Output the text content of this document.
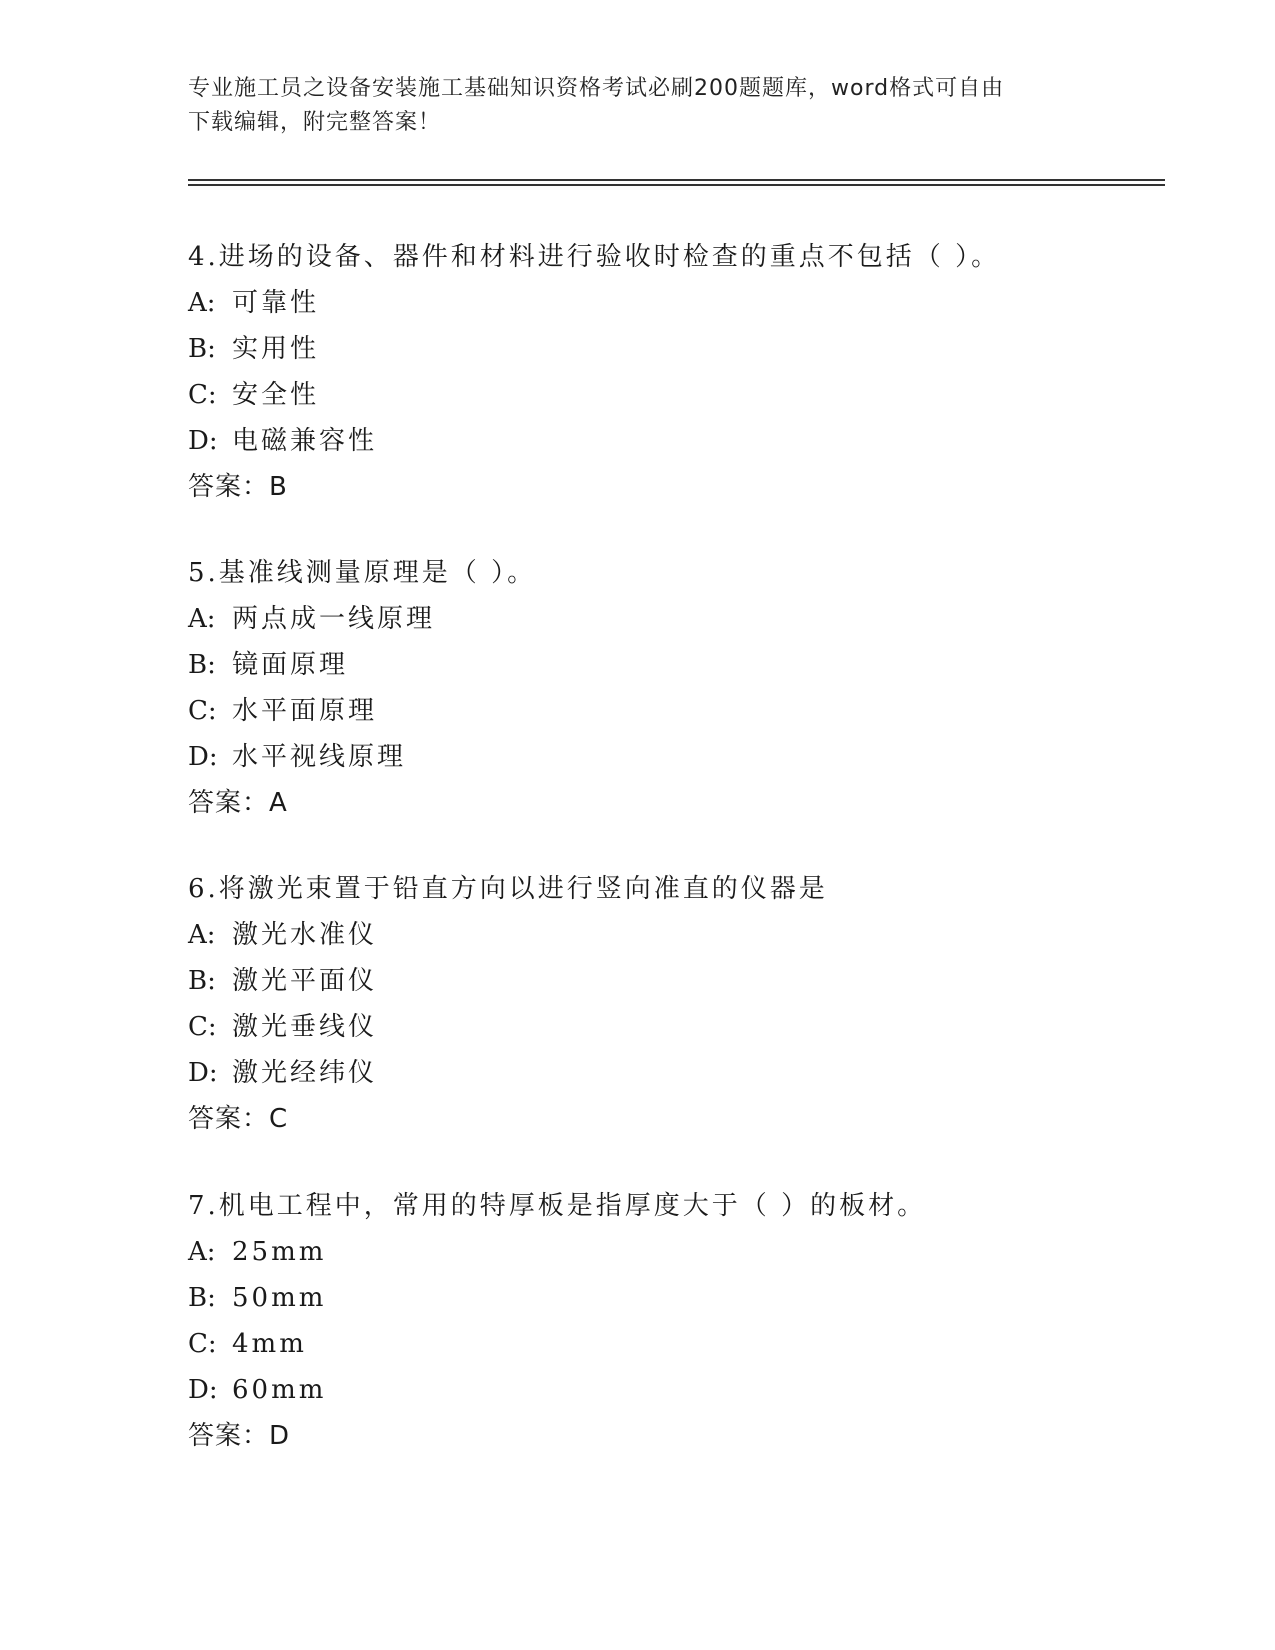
专业施工员之设备安装施工基础知识资格考试必刷200题题库，word格式可自由
下载编辑，附完整答案！
4.进场的设备、器件和材料进行验收时检查的重点不包括（ ）。
A: 可靠性
B: 实用性
C: 安全性
D: 电磁兼容性
答案：B
5.基准线测量原理是（ ）。
A: 两点成一线原理
B: 镜面原理
C: 水平面原理
D: 水平视线原理
答案：A
6.将激光束置于铅直方向以进行竖向准直的仪器是
A: 激光水准仪
B: 激光平面仪
C: 激光垂线仪
D: 激光经纬仪
答案：C
7.机电工程中，常用的特厚板是指厚度大于（ ）的板材。
A: 25mm
B: 50mm
C: 4mm
D: 60mm
答案：D
